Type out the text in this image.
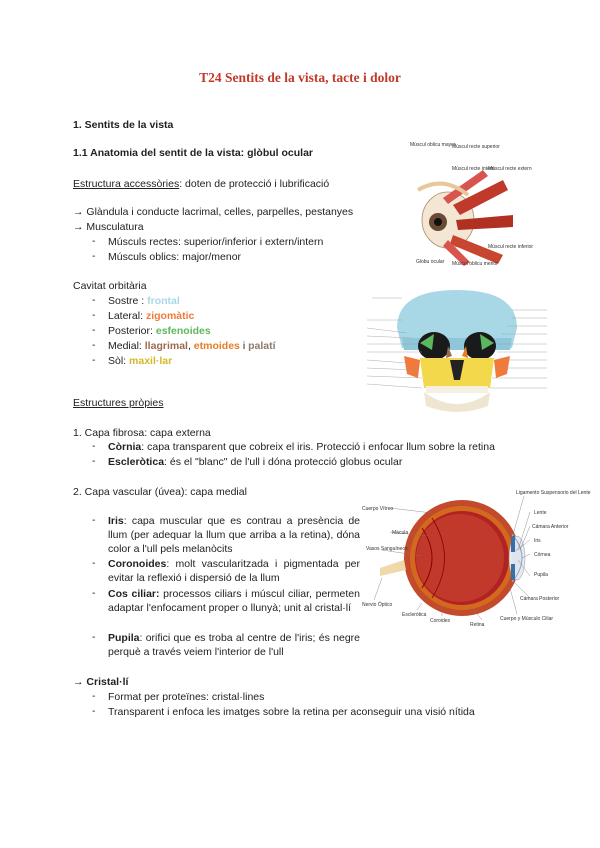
T24 Sentits de la vista, tacte i dolor
1. Sentits de la vista
1.1 Anatomia del sentit de la vista: glòbul ocular
Estructura accessòries: doten de protecció i lubrificació
→ Glàndula i conducte lacrimal, celles, parpelles, pestanyes
→ Musculatura
- Músculs rectes: superior/inferior i extern/intern
- Músculs oblics: major/menor
Cavitat orbitària
- Sostre : frontal
- Lateral: zigomàtic
- Posterior: esfenoides
- Medial: llagrimal, etmoides i palatí
- Sòl: maxil·lar
Estructures pròpies
1. Capa fibrosa: capa externa
- Còrnia: capa transparent que cobreix el iris. Protecció i enfocar llum sobre la retina
- Escleròtica: és el "blanc" de l'ull i dóna protecció globus ocular
2. Capa vascular (úvea): capa medial
- Iris: capa muscular que es contrau a presència de llum (per adequar la llum que arriba a la retina), dóna color a l'ull pels melanòcits
- Coronoides: molt vascularitzada i pigmentada per evitar la reflexió i dispersió de la llum
- Cos ciliar: processos ciliars i múscul ciliar, permeten adaptar l'enfocament proper o llunyà; unit al cristal·lí
- Pupila: orifici que es troba al centre de l'iris; és negre perquè a través veiem l'interior de l'ull
→ Cristal·lí
- Format per proteïnes: cristal·lines
- Transparent i enfoca les imatges sobre la retina per aconseguir una visió nítida
Múscul oblicu mayor
Múscul recte superior
Múscul recte intern
Múscul recte extern
Múscul recte inferior
Múscul oblicu menor
Globu ocular
Cuerpo Vítreo
Ligamento Suspensorio del Lente
Lente
Cámara Anterior
Iris
Córnea
Pupila
Mácula
Vasos Sanguíneos
Nervio Óptico
Esclerótica
Coroides
Retina
Cámara Posterior
Cuerpo y Músculo Ciliar
